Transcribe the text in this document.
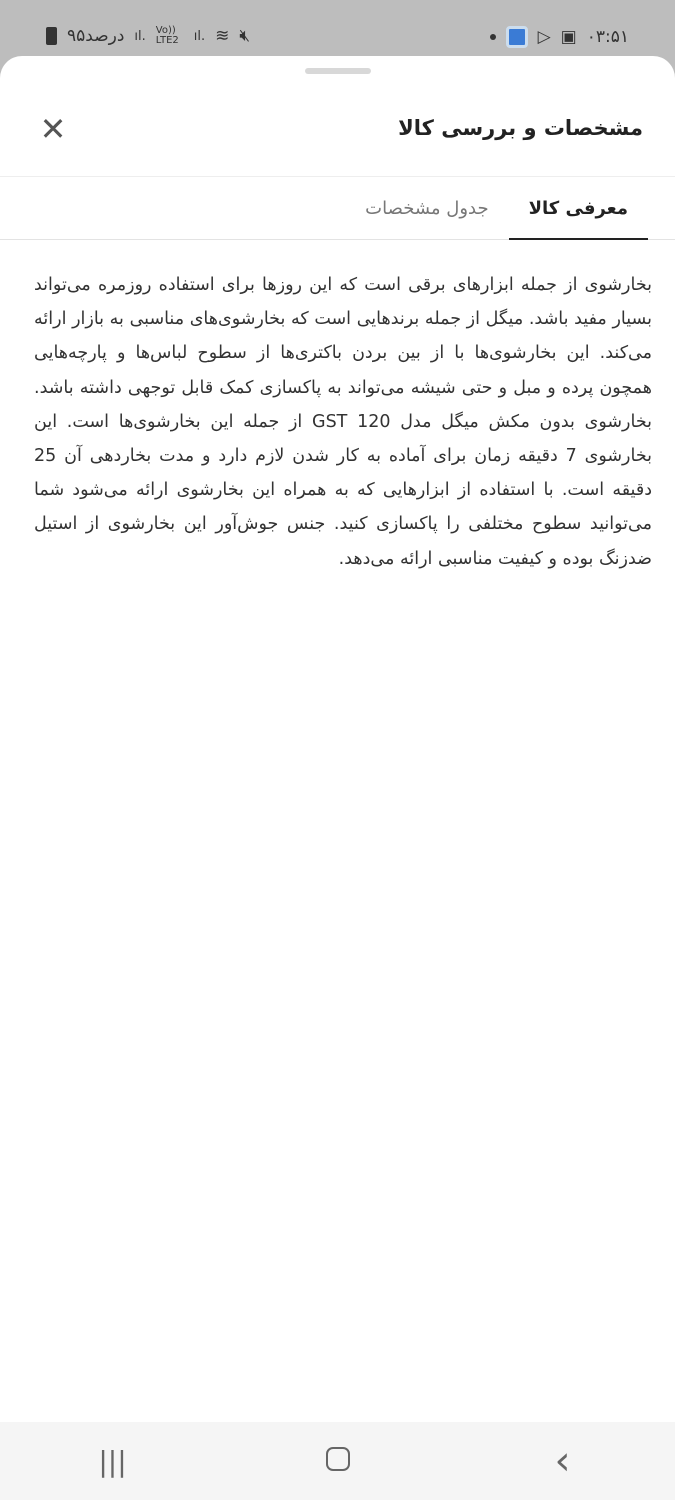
۹۵درصد ıl. Vo)) LTE2	ıl. ≋ 🔇︎	▷ ▣ ۰۳:۵۱
مشخصات و بررسی کالا
✕
معرفی کالا
جدول مشخصات
بخارشوی از جمله ابزارهای برقی است که این روزها برای استفاده روزمره می‌تواند بسیار مفید باشد. میگل از جمله برندهایی است که بخارشوی‌های مناسبی به بازار ارائه می‌کند. این بخارشوی‌ها با از بین بردن باکتری‌ها از سطوح لباس‌ها و پارچه‌هایی همچون پرده و مبل و حتی شیشه می‌تواند به پاکسازی کمک قابل توجهی داشته باشد. بخارشوی بدون مکش میگل مدل GST 120 از جمله این بخارشوی‌ها است. این بخارشوی 7 دقیقه زمان برای آماده به کار شدن لازم دارد و مدت بخاردهی آن 25 دقیقه است. با استفاده از ابزارهایی که به همراه این بخارشوی ارائه می‌شود شما می‌توانید سطوح مختلفی را پاکسازی کنید. جنس جوش‌آور این بخارشوی از استیل ضدزنگ بوده و کیفیت مناسبی ارائه می‌دهد.
|||	‹
